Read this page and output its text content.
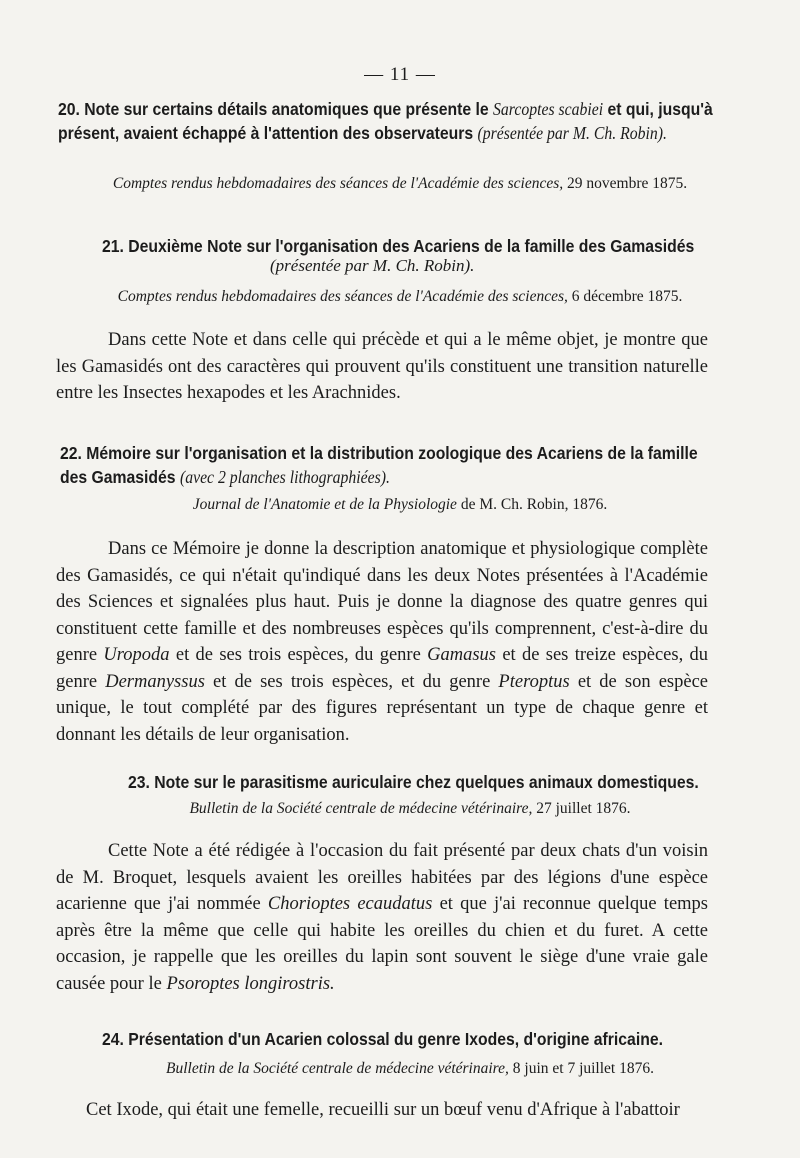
— 11 —
20. Note sur certains détails anatomiques que présente le Sarcoptes scabiei et qui, jusqu'à présent, avaient échappé à l'attention des observateurs (présentée par M. Ch. Robin).
Comptes rendus hebdomadaires des séances de l'Académie des sciences, 29 novembre 1875.
21. Deuxième Note sur l'organisation des Acariens de la famille des Gamasidés
(présentée par M. Ch. Robin).
Comptes rendus hebdomadaires des séances de l'Académie des sciences, 6 décembre 1875.
Dans cette Note et dans celle qui précède et qui a le même objet, je montre que les Gamasidés ont des caractères qui prouvent qu'ils constituent une transition naturelle entre les Insectes hexapodes et les Arachnides.
22. Mémoire sur l'organisation et la distribution zoologique des Acariens de la famille des Gamasidés (avec 2 planches lithographiées).
Journal de l'Anatomie et de la Physiologie de M. Ch. Robin, 1876.
Dans ce Mémoire je donne la description anatomique et physiologique complète des Gamasidés, ce qui n'était qu'indiqué dans les deux Notes présentées à l'Académie des Sciences et signalées plus haut. Puis je donne la diagnose des quatre genres qui constituent cette famille et des nombreuses espèces qu'ils comprennent, c'est-à-dire du genre Uropoda et de ses trois espèces, du genre Gamasus et de ses treize espèces, du genre Dermanyssus et de ses trois espèces, et du genre Pteroptus et de son espèce unique, le tout complété par des figures représentant un type de chaque genre et donnant les détails de leur organisation.
23. Note sur le parasitisme auriculaire chez quelques animaux domestiques.
Bulletin de la Société centrale de médecine vétérinaire, 27 juillet 1876.
Cette Note a été rédigée à l'occasion du fait présenté par deux chats d'un voisin de M. Broquet, lesquels avaient les oreilles habitées par des légions d'une espèce acarienne que j'ai nommée Chorioptes ecaudatus et que j'ai reconnue quelque temps après être la même que celle qui habite les oreilles du chien et du furet. A cette occasion, je rappelle que les oreilles du lapin sont souvent le siège d'une vraie gale causée pour le Psoroptes longirostris.
24. Présentation d'un Acarien colossal du genre Ixodes, d'origine africaine.
Bulletin de la Société centrale de médecine vétérinaire, 8 juin et 7 juillet 1876.
Cet Ixode, qui était une femelle, recueilli sur un bœuf venu d'Afrique à l'abattoir
